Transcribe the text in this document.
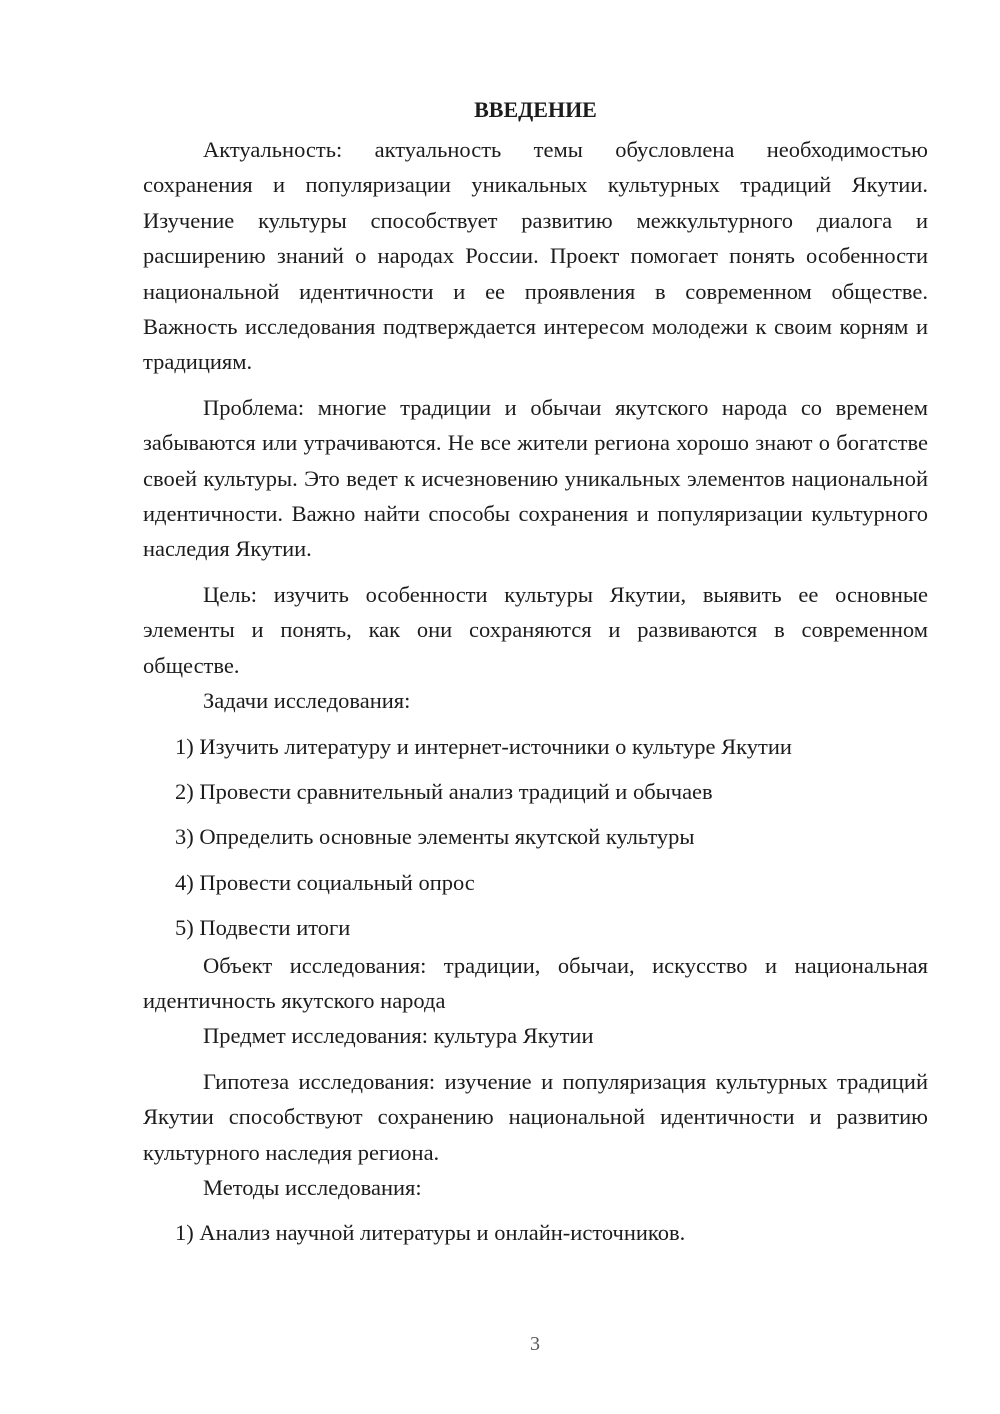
ВВЕДЕНИЕ

Актуальность: актуальность темы обусловлена необходимостью сохранения и популяризации уникальных культурных традиций Якутии. Изучение культуры способствует развитию межкультурного диалога и расширению знаний о народах России. Проект помогает понять особенности национальной идентичности и ее проявления в современном обществе. Важность исследования подтверждается интересом молодежи к своим корням и традициям.

Проблема: многие традиции и обычаи якутского народа со временем забываются или утрачиваются. Не все жители региона хорошо знают о богатстве своей культуры. Это ведет к исчезновению уникальных элементов национальной идентичности. Важно найти способы сохранения и популяризации культурного наследия Якутии.

Цель: изучить особенности культуры Якутии, выявить ее основные элементы и понять, как они сохраняются и развиваются в современном обществе.

Задачи исследования:

1) Изучить литературу и интернет-источники о культуре Якутии

2) Провести сравнительный анализ традиций и обычаев

3) Определить основные элементы якутской культуры

4) Провести социальный опрос

5) Подвести итоги

Объект исследования: традиции, обычаи, искусство и национальная идентичность якутского народа

Предмет исследования: культура Якутии

Гипотеза исследования: изучение и популяризация культурных традиций Якутии способствуют сохранению национальной идентичности и развитию культурного наследия региона.

Методы исследования:

1) Анализ научной литературы и онлайн-источников.

3
